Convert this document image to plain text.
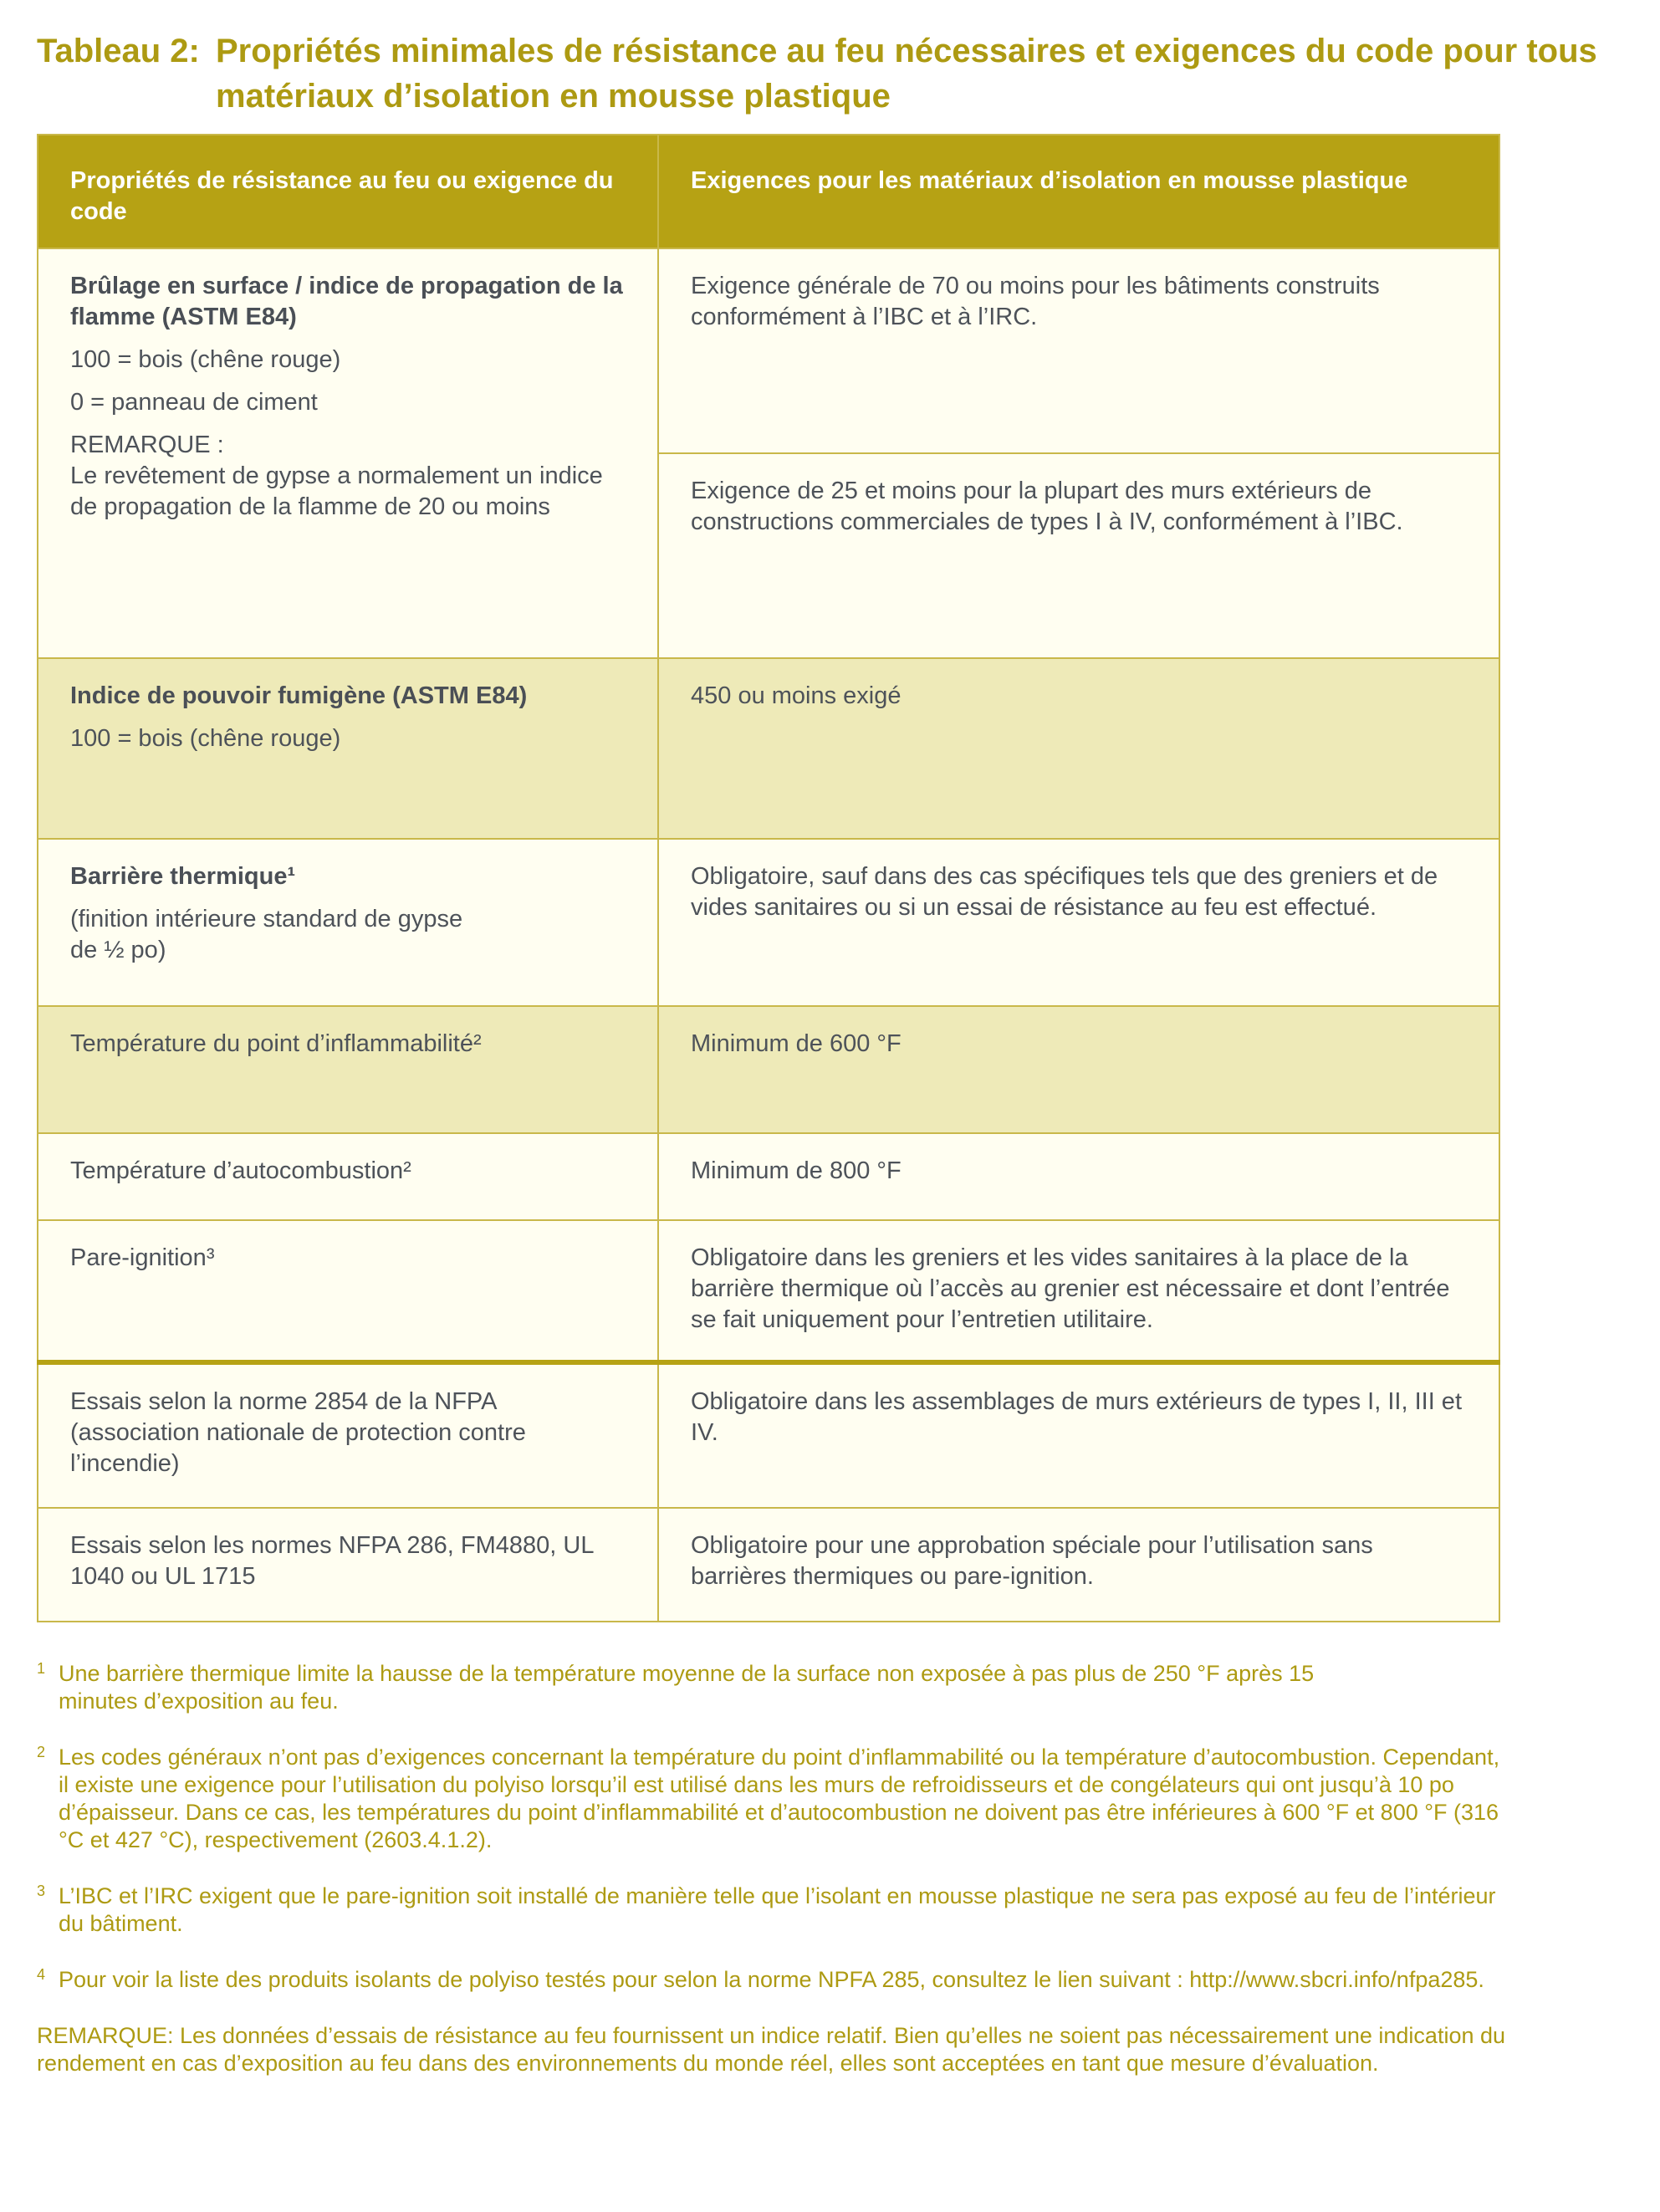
Tableau 2: Propriétés minimales de résistance au feu nécessaires et exigences du code pour tous
matériaux d’isolation en mousse plastique
Propriétés de résistance au feu ou exigence du code	Exigences pour les matériaux d’isolation en mousse plastique

Brûlage en surface / indice de propagation de la flamme (ASTM E84)

100 = bois (chêne rouge)

0 = panneau de ciment

REMARQUE :
Le revêtement de gypse a normalement un indice de propagation de la flamme de 20 ou moins	Exigence générale de 70 ou moins pour les bâtiments construits conformément à l’IBC et à l’IRC.
	Exigence de 25 et moins pour la plupart des murs extérieurs de constructions commerciales de types I à IV, conformément à l’IBC.

Indice de pouvoir fumigène (ASTM E84)

100 = bois (chêne rouge)	450 ou moins exigé

Barrière thermique¹

(finition intérieure standard de gypse de ½ po)	Obligatoire, sauf dans des cas spécifiques tels que des greniers et de vides sanitaires ou si un essai de résistance au feu est effectué.
Température du point d’inflammabilité²	Minimum de 600 °F
Température d’autocombustion²	Minimum de 800 °F
Pare-ignition³	Obligatoire dans les greniers et les vides sanitaires à la place de la barrière thermique où l’accès au grenier est nécessaire et dont l’entrée se fait uniquement pour l’entretien utilitaire.
Essais selon la norme 2854 de la NFPA (association nationale de protection contre l’incendie)	Obligatoire dans les assemblages de murs extérieurs de types I, II, III et IV.
Essais selon les normes NFPA 286, FM4880, UL 1040 ou UL 1715	Obligatoire pour une approbation spéciale pour l’utilisation sans barrières thermiques ou pare-ignition.
1 Une barrière thermique limite la hausse de la température moyenne de la surface non exposée à pas plus de 250 °F après 15 minutes d’exposition au feu.
2 Les codes généraux n’ont pas d’exigences concernant la température du point d’inflammabilité ou la température d’autocombustion. Cependant, il existe une exigence pour l’utilisation du polyiso lorsqu’il est utilisé dans les murs de refroidisseurs et de congélateurs qui ont jusqu’à 10 po d’épaisseur. Dans ce cas, les températures du point d’inflammabilité et d’autocombustion ne doivent pas être inférieures à 600 °F et 800 °F (316 °C et 427 °C), respectivement (2603.4.1.2).
3 L’IBC et l’IRC exigent que le pare-ignition soit installé de manière telle que l’isolant en mousse plastique ne sera pas exposé au feu de l’intérieur du bâtiment.
4 Pour voir la liste des produits isolants de polyiso testés pour selon la norme NPFA 285, consultez le lien suivant : http://www.sbcri.info/nfpa285.
REMARQUE: Les données d’essais de résistance au feu fournissent un indice relatif. Bien qu’elles ne soient pas nécessairement une indication du rendement en cas d’exposition au feu dans des environnements du monde réel, elles sont acceptées en tant que mesure d’évaluation.
